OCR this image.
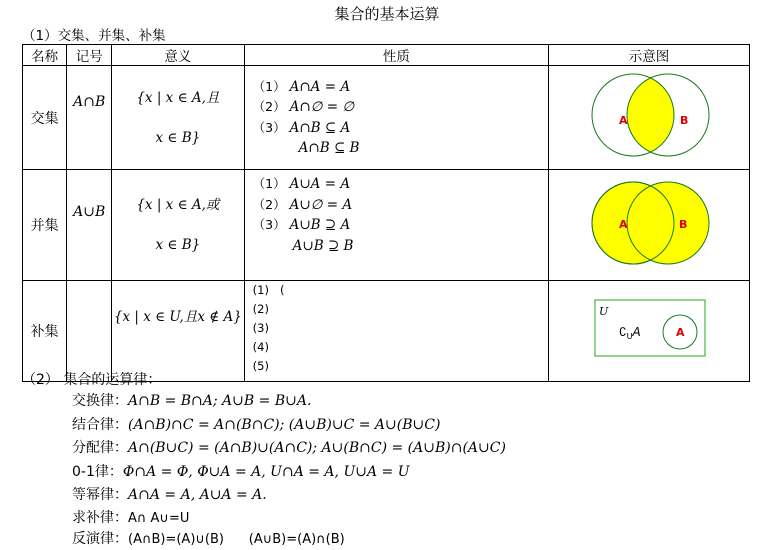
集合的基本运算
（1）交集、并集、补集
名称	记号	意义	性质	示意图
交集	A∩B	{x | x ∈ A,且
x ∈ B}	（1） A∩A = A
（2） A∩∅ = ∅
（3） A∩B ⊆ A
A∩B ⊆ B	A B

并集	A∪B	{x | x ∈ A,或
x ∈ B}	（1） A∪A = A
（2） A∪∅ = A
（3） A∪B ⊇ A
A∪B ⊇ B	A B

补集		{x | x ∈ U,且x ∉ A}	(1) (
(2)
(3)
(4)
(5)	U
$∁_UA$ A
（2） 集合的运算律：
交换律：A∩B = B∩A; A∪B = B∪A.
结合律：(A∩B)∩C = A∩(B∩C); (A∪B)∪C = A∪(B∪C)
分配律：A∩(B∪C) = (A∩B)∪(A∩C); A∪(B∩C) = (A∪B)∩(A∪C)
0-1律：Φ∩A = Φ, Φ∪A = A, U∩A = A, U∪A = U
等幂律：A∩A = A, A∪A = A.
求补律：A∩ A∪=U
反演律：(A∩B)=(A)∪(B)      (A∪B)=(A)∩(B)
